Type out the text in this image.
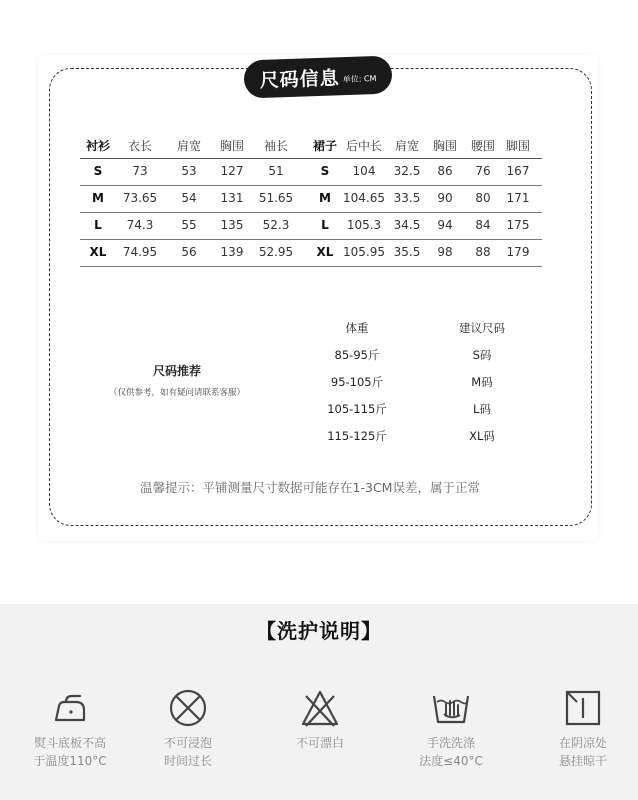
尺码信息 单位: CM
衬衫 衣长 肩宽 胸围 袖长 裙子 后中长 肩宽 胸围 腰围 脚围
S	73	53 127 51	S 104 32.5 86 76 167
M 73.65 54 131 51.65 M 104.65 33.5 90 80 171
L 74.3 55 135 52.3	L 105.3 34.5 94 84 175
XL 74.95 56 139 52.95 XL 105.95 35.5 98 88 179
尺码推荐
（仅供参考，如有疑问请联系客服）
体重	建议尺码
85-95斤	S码
95-105斤	M码
105-115斤	L码
115-125斤	XL码
温馨提示：平铺测量尺寸数据可能存在1-3CM误差，属于正常
【洗护说明】
熨斗底板不高
于温度110°C
不可浸泡
时间过长
不可漂白	手洗洗涤
法度≤40°C
在阴凉处
悬挂晾干
